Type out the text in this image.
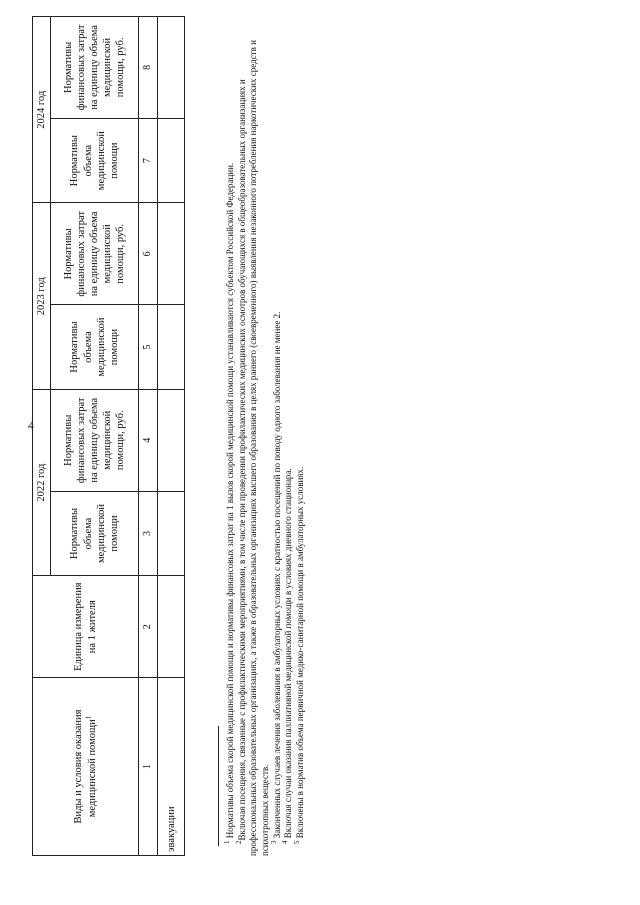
4
Виды и условия оказания медицинской помощи$^1$	Единица измерения на 1 жителя	2022 год		2023 год		2024 год	
		Нормативы объема медицинской помощи	Нормативы финансовых затрат на единицу объема медицинской помощи, руб.	Нормативы объема медицинской помощи	Нормативы финансовых затрат на единицу объема медицинской помощи, руб.	Нормативы объема медицинской помощи	Нормативы финансовых затрат на единицу объема медицинской помощи, руб.
1	2	3	4	5	6	7	8
эвакуации								$^1$ Нормативы объема скорой медицинской помощи и нормативы финансовых затрат на 1 вызов скорой медицинской помощи устанавливаются субъектом Российской Федерации.

$^2$Включая посещения, связанные с профилактическими мероприятиями, в том числе при проведении профилактических медицинских осмотров обучающихся в общеобразовательных организациях и профессиональных образовательных организациях, а также в образовательных организациях высшего образования в целях раннего (своевременного) выявления незаконного потребления наркотических средств и психотропных веществ. $^3$ Законченных случаев лечения заболевания в амбулаторных условиях с кратностью посещений по поводу одного заболевания не менее 2.

$^4$ Включая случаи оказания паллиативной медицинской помощи в условиях дневного стационара.

$^5$ Включены в норматив объема первичной медико-санитарной помощи в амбулаторных условиях.
